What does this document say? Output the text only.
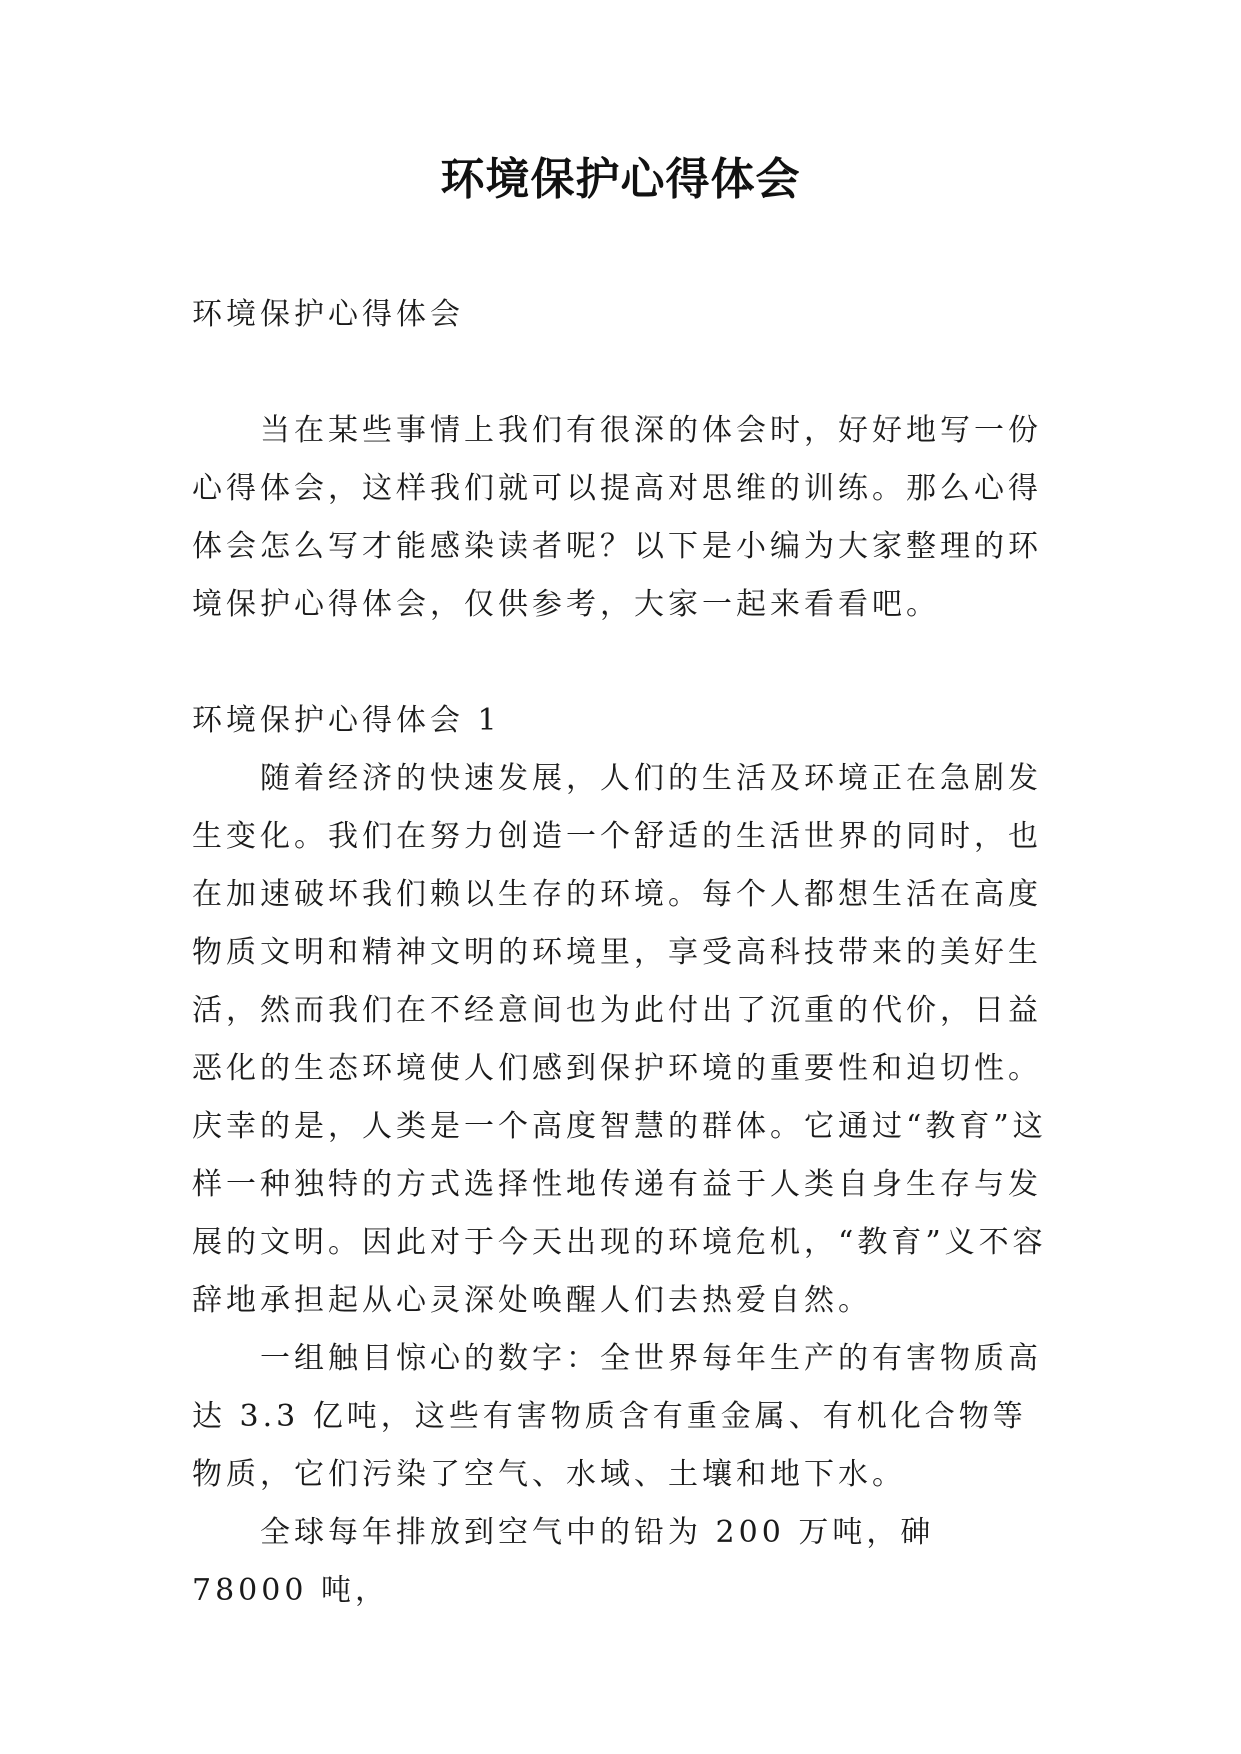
环境保护心得体会

环境保护心得体会

当在某些事情上我们有很深的体会时，好好地写一份心得体会，这样我们就可以提高对思维的训练。那么心得体会怎么写才能感染读者呢？以下是小编为大家整理的环境保护心得体会，仅供参考，大家一起来看看吧。

环境保护心得体会 1

随着经济的快速发展，人们的生活及环境正在急剧发生变化。我们在努力创造一个舒适的生活世界的同时，也在加速破坏我们赖以生存的环境。每个人都想生活在高度物质文明和精神文明的环境里，享受高科技带来的美好生活，然而我们在不经意间也为此付出了沉重的代价，日益恶化的生态环境使人们感到保护环境的重要性和迫切性。庆幸的是，人类是一个高度智慧的群体。它通过“教育”这样一种独特的方式选择性地传递有益于人类自身生存与发展的文明。因此对于今天出现的环境危机，“教育”义不容辞地承担起从心灵深处唤醒人们去热爱自然。

一组触目惊心的数字：全世界每年生产的有害物质高达 3.3 亿吨，这些有害物质含有重金属、有机化合物等物质，它们污染了空气、水域、土壤和地下水。

全球每年排放到空气中的铅为 200 万吨，砷 78000 吨，
